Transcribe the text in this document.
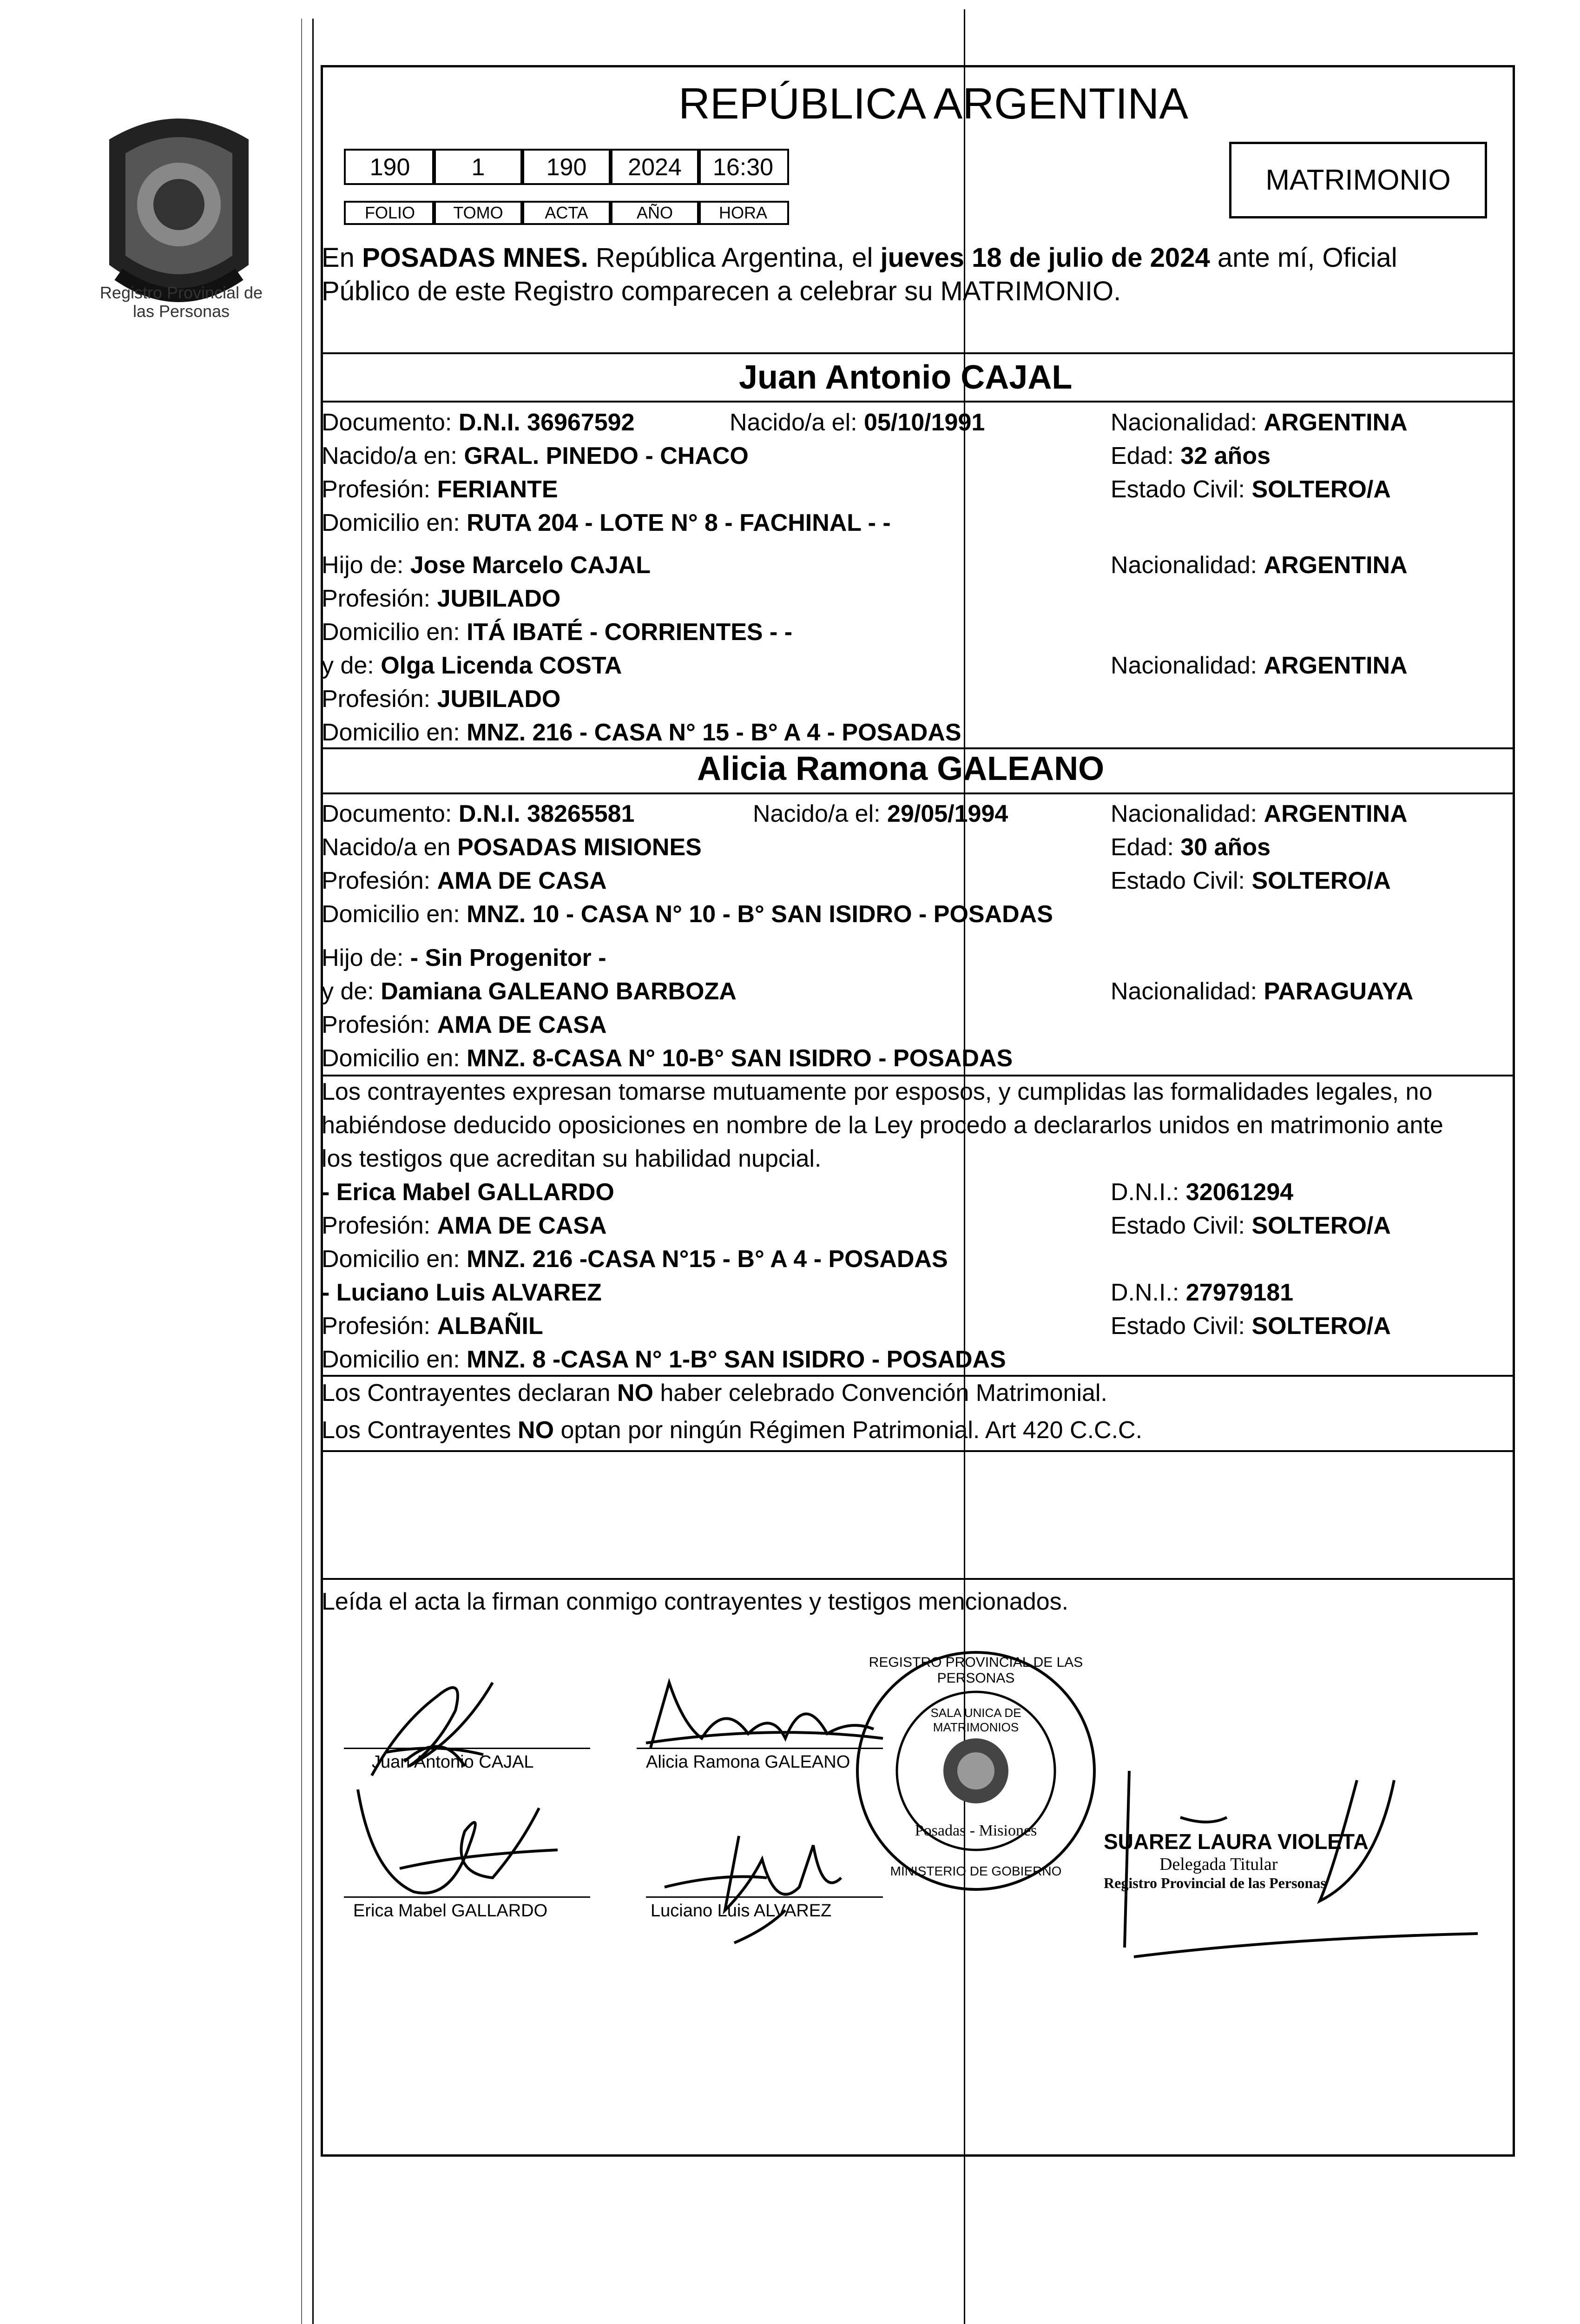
Registro Provincial de las Personas
REPÚBLICA ARGENTINA
190	1	190	2024	16:30
FOLIO	TOMO	ACTA	AÑO	HORA
MATRIMONIO
En POSADAS MNES. República Argentina, el jueves 18 de julio de 2024 ante mí, Oficial
Público de este Registro comparecen a celebrar su MATRIMONIO.
Juan Antonio CAJAL
Documento: D.N.I. 36967592	Nacido/a el: 05/10/1991	Nacionalidad: ARGENTINA
Nacido/a en: GRAL. PINEDO - CHACO	Edad: 32 años
Profesión: FERIANTE	Estado Civil: SOLTERO/A
Domicilio en: RUTA 204 - LOTE N° 8 - FACHINAL - -
Hijo de: Jose Marcelo CAJAL	Nacionalidad: ARGENTINA
Profesión: JUBILADO
Domicilio en: ITÁ IBATÉ - CORRIENTES - -
y de: Olga Licenda COSTA	Nacionalidad: ARGENTINA
Profesión: JUBILADO
Domicilio en: MNZ. 216 - CASA N° 15 - B° A 4 - POSADAS
Alicia Ramona GALEANO
Documento: D.N.I. 38265581	Nacido/a el: 29/05/1994	Nacionalidad: ARGENTINA
Nacido/a en POSADAS MISIONES	Edad: 30 años
Profesión: AMA DE CASA	Estado Civil: SOLTERO/A
Domicilio en: MNZ. 10 - CASA N° 10 - B° SAN ISIDRO - POSADAS
Hijo de: - Sin Progenitor -
y de: Damiana GALEANO BARBOZA	Nacionalidad: PARAGUAYA
Profesión: AMA DE CASA
Domicilio en: MNZ. 8-CASA N° 10-B° SAN ISIDRO - POSADAS
Los contrayentes expresan tomarse mutuamente por esposos, y cumplidas las formalidades legales, no
habiéndose deducido oposiciones en nombre de la Ley procedo a declararlos unidos en matrimonio ante
los testigos que acreditan su habilidad nupcial.
- Erica Mabel GALLARDO	D.N.I.: 32061294
Profesión: AMA DE CASA	Estado Civil: SOLTERO/A
Domicilio en: MNZ. 216 -CASA N°15 - B° A 4 - POSADAS
- Luciano Luis ALVAREZ	D.N.I.: 27979181
Profesión: ALBAÑIL	Estado Civil: SOLTERO/A
Domicilio en: MNZ. 8 -CASA N° 1-B° SAN ISIDRO - POSADAS
Los Contrayentes declaran NO haber celebrado Convención Matrimonial.
Los Contrayentes NO optan por ningún Régimen Patrimonial. Art 420 C.C.C.
Leída el acta la firman conmigo contrayentes y testigos mencionados.
Juan Antonio CAJAL	Alicia Ramona GALEANO
Erica Mabel GALLARDO	Luciano Luis ALVAREZ
REGISTRO PROVINCIAL DE LAS PERSONAS
SALA UNICA DE MATRIMONIOS
Posadas - Misiones
MINISTERIO DE GOBIERNO
SUAREZ LAURA VIOLETA
Delegada Titular
Registro Provincial de las Personas
